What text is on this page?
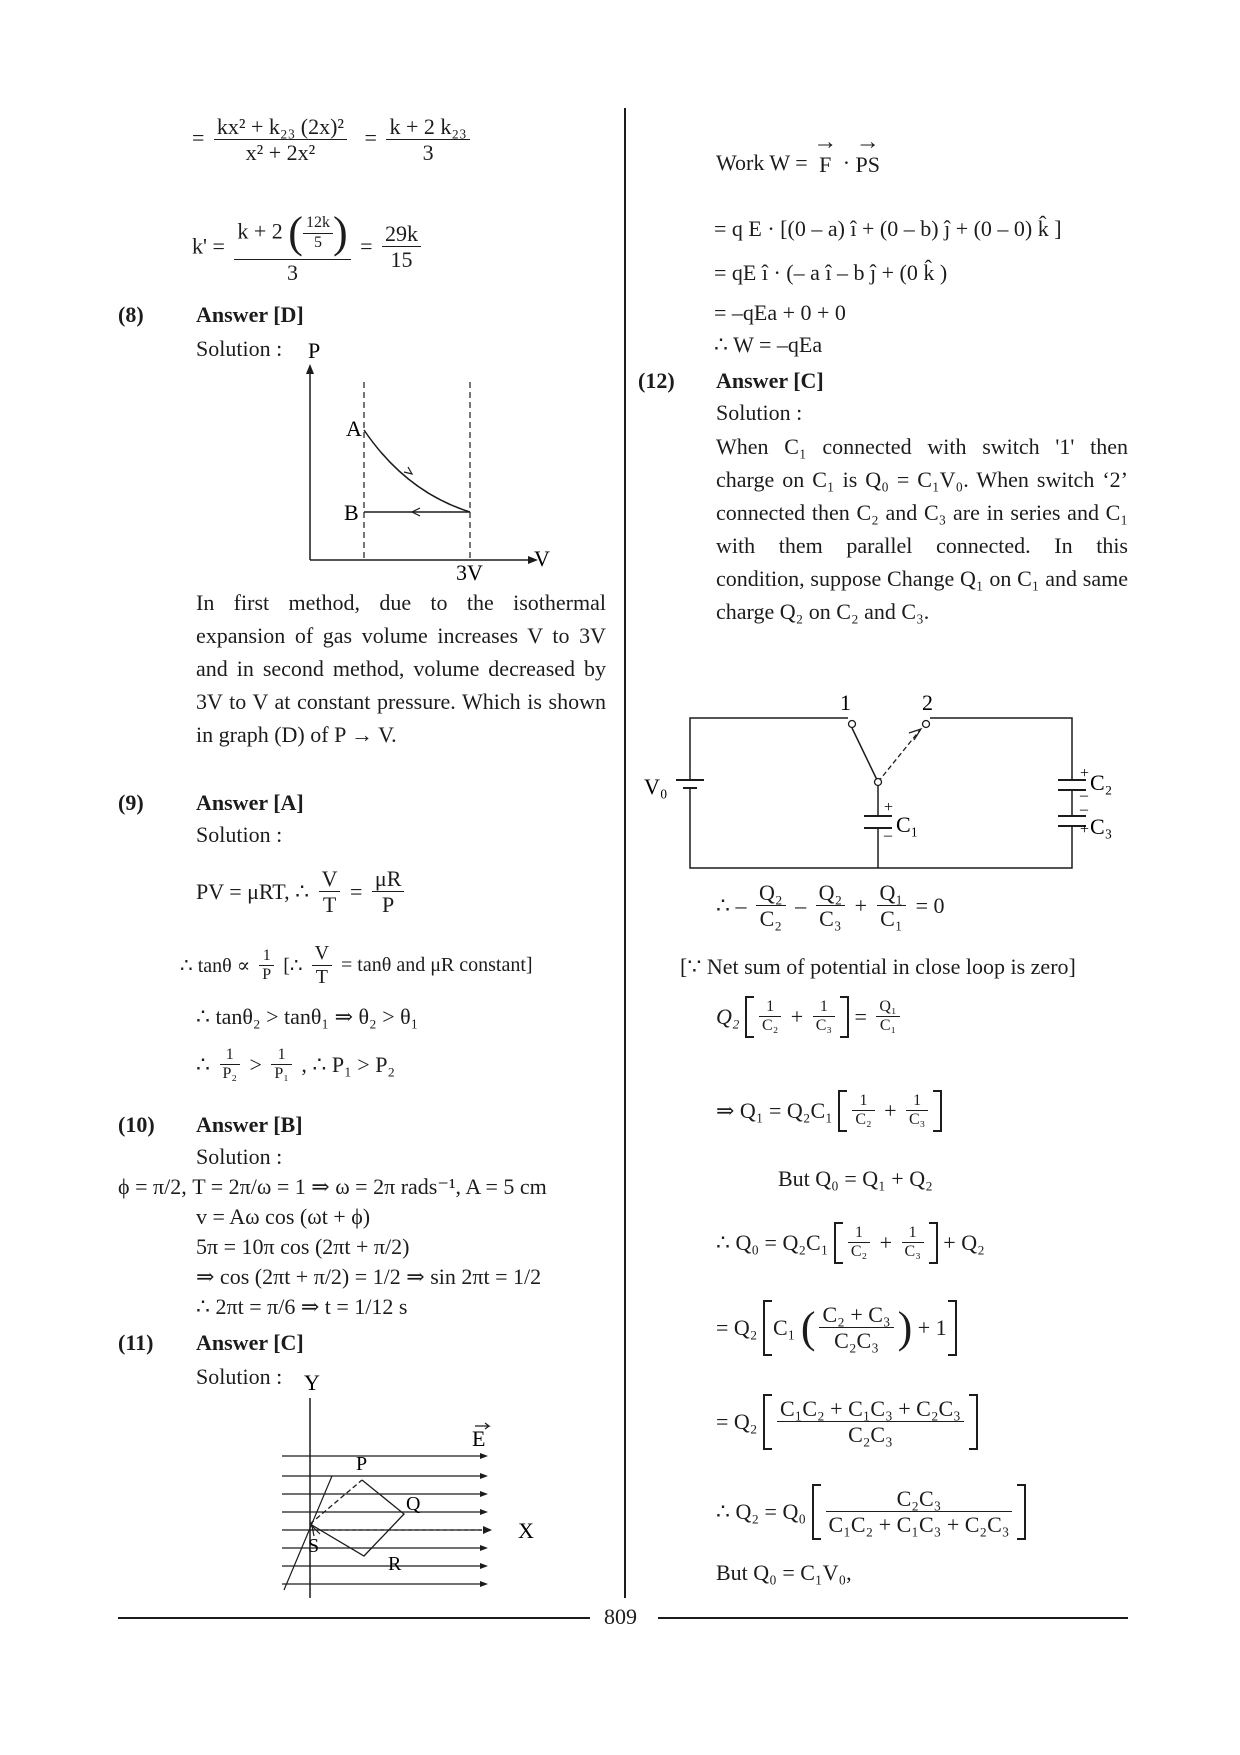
= $\frac{\text{kx² + k₂₃ (2x)²}}{\text{x² + 2x²}} = \frac{\text{k + 2 k₂₃}}{3}$
k' = k + 2 ( $\frac{12k}{5}$
)
$3 = \frac{29k}{15}$
(8) Answer [D]
Solution : P
A
B
3V
V
In first method, due to the isothermal expansion of gas volume increases V to 3V and in second method, volume decreased by 3V to V at constant pressure. Which is shown in graph (D) of P → V.
(9) Answer [A]
Solution :
PV = μRT, ∴ $\frac{V}{T} = \frac{\mu R}{P}$
∴ $\tan\theta \propto \frac{1}{P}$ [∴ $\frac{V}{T} = \tan\theta$ and μR constant]
∴ tanθ₂ > tanθ₁ ⇒ θ₂ > θ₁
∴ $\frac{1}{\text{P₂}} > \frac{1}{\text{P₁}}$ , ∴ P₁ > P₂
(10) Answer [B]
Solution :
ϕ = π/2, T = 2π/ω = 1 ⇒ ω = 2π rads⁻¹, A = 5 cm
v = Aω cos (ωt + ϕ)
5π = 10π cos (2πt + π/2)
⇒ cos (2πt + π/2) = 1/2 ⇒ sin 2πt = 1/2
∴ 2πt = π/6 ⇒ t = 1/12 s
(11) Answer [C]
Solution : Y
E
P
Q
R
S
X
Work W =
→
F ·
→
PS
= q E · [(0 – a) î + (0 – b) ĵ + (0 – 0) k̂ ]
= qE î · (– a î – b ĵ + (0 k̂ )
= –qEa + 0 + 0
∴ W = –qEa
(12) Answer [C]
Solution :
When C₁ connected with switch '1' then charge on C₁ is Q₀ = C₁V₀. When switch ‘2’ connected then C₂ and C₃ are in series and C₁ with them parallel connected. In this condition, suppose Change Q₁ on C₁ and same charge Q₂ on C₂ and C₃.
1	2
V₀
+
– C₁
+
–
C₂
–
+ C₃
∴ – $\frac{\text{Q₂}}{\text{C₂}} - \frac{\text{Q₂}}{\text{C₃}} + \frac{\text{Q₁}}{\text{C₁}} = 0$
[∵ Net sum of potential in close loop is zero]
$Q_2 \frac{1}{\text{C₂}} + \frac{1}{\text{C₃}} = \frac{\text{Q₁}}{\text{C₁}}$
⇒ $Q_1 = Q_2C_1 \frac{1}{\text{C₂}} + \frac{1}{\text{C₃}}$
But Q₀ = Q₁ + Q₂
∴ $Q_0 = Q_2C_1 \frac{1}{\text{C₂}} + \frac{1}{\text{C₃}} + Q_2$
= Q₂ C₁ ( $\frac{\text{C₂ + C₃}}{\text{C₂C₃}}$
) + 1
= $Q_2 \frac{\text{C₁C₂ + C₁C₃ + C₂C₃}}{\text{C₂C₃}}$
∴ $Q_2 = Q_0 \frac{\text{C₂C₃}}{\text{C₁C₂ + C₁C₃ + C₂C₃}}$
But Q₀ = C₁V₀,
809
